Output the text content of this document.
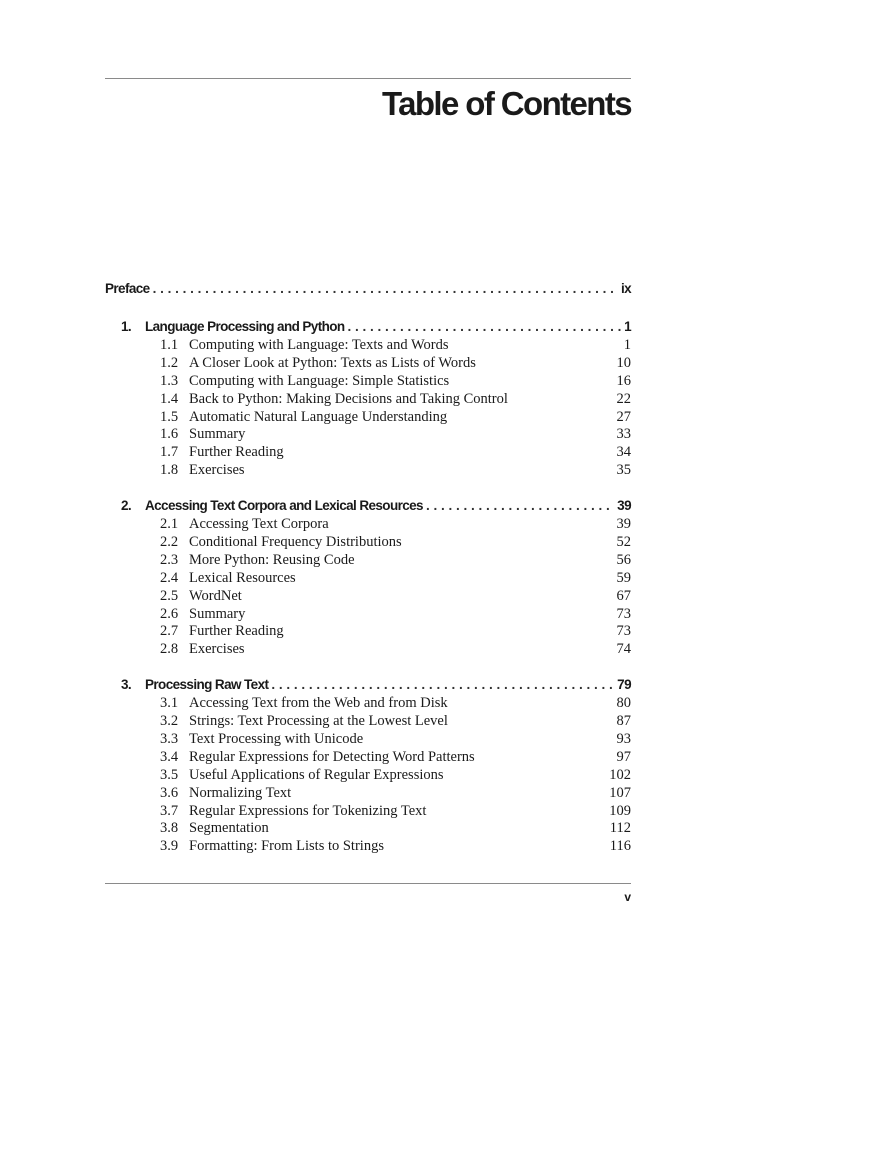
Table of Contents
Preface . . .	ix
1.	Language Processing and Python . . .	1
1.1 Computing with Language: Texts and Words	1
1.2 A Closer Look at Python: Texts as Lists of Words	10
1.3 Computing with Language: Simple Statistics	16
1.4 Back to Python: Making Decisions and Taking Control	22
1.5 Automatic Natural Language Understanding	27
1.6 Summary	33
1.7 Further Reading	34
1.8 Exercises	35
2.	Accessing Text Corpora and Lexical Resources . . .	39
2.1 Accessing Text Corpora	39
2.2 Conditional Frequency Distributions	52
2.3 More Python: Reusing Code	56
2.4 Lexical Resources	59
2.5 WordNet	67
2.6 Summary	73
2.7 Further Reading	73
2.8 Exercises	74
3.	Processing Raw Text . . .	79
3.1 Accessing Text from the Web and from Disk	80
3.2 Strings: Text Processing at the Lowest Level	87
3.3 Text Processing with Unicode	93
3.4 Regular Expressions for Detecting Word Patterns	97
3.5 Useful Applications of Regular Expressions	102
3.6 Normalizing Text	107
3.7 Regular Expressions for Tokenizing Text	109
3.8 Segmentation	112
3.9 Formatting: From Lists to Strings	116
v
